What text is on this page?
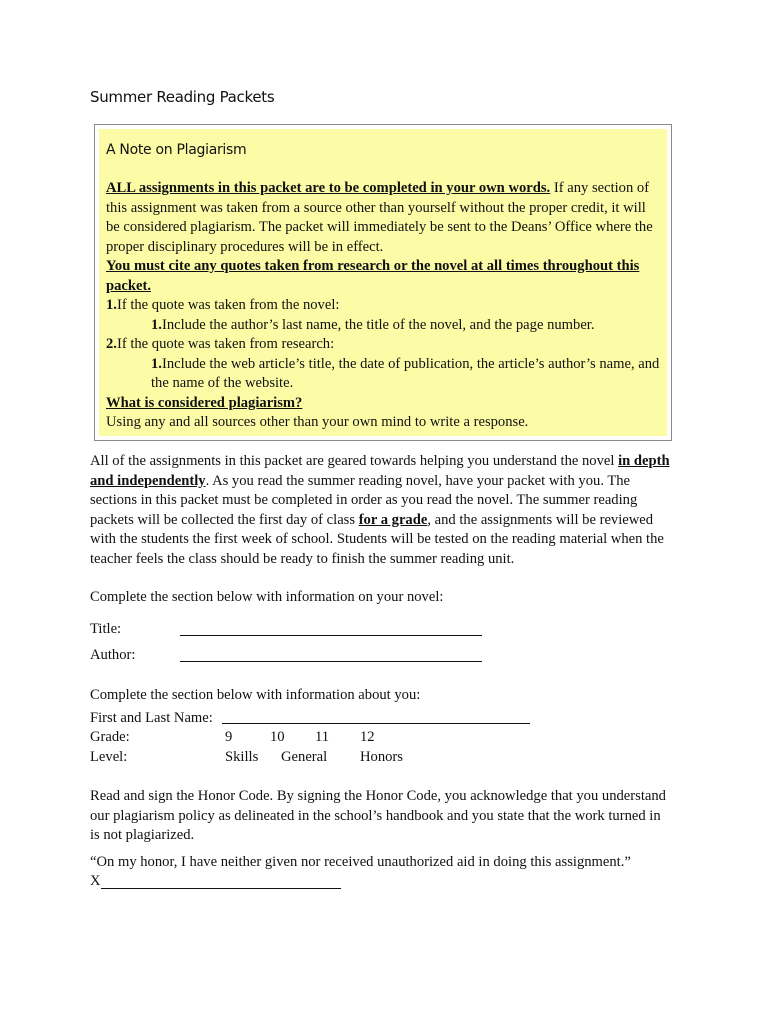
Summer Reading Packets
A Note on Plagiarism

ALL assignments in this packet are to be completed in your own words. If any section of this assignment was taken from a source other than yourself without the proper credit, it will be considered plagiarism. The packet will immediately be sent to the Deans’ Office where the proper disciplinary procedures will be in effect.

You must cite any quotes taken from research or the novel at all times throughout this packet.

1.If the quote was taken from the novel:

1.Include the author’s last name, the title of the novel, and the page number.

2.If the quote was taken from research:

1.Include the web article’s title, the date of publication, the article’s author’s name, and the name of the website.

What is considered plagiarism?

Using any and all sources other than your own mind to write a response.

All of the assignments in this packet are geared towards helping you understand the novel in depth and independently. As you read the summer reading novel, have your packet with you. The sections in this packet must be completed in order as you read the novel. The summer reading packets will be collected the first day of class for a grade, and the assignments will be reviewed with the students the first week of school. Students will be tested on the reading material when the teacher feels the class should be ready to finish the summer reading unit.

Complete the section below with information on your novel:

Title:
Author:

Complete the section below with information about you:

First and Last Name:
Grade:	9	10	11	12
Level:	Skills	General	Honors

Read and sign the Honor Code. By signing the Honor Code, you acknowledge that you understand our plagiarism policy as delineated in the school’s handbook and you state that the work turned in is not plagiarized.

“On my honor, I have neither given nor received unauthorized aid in doing this assignment.”

X
